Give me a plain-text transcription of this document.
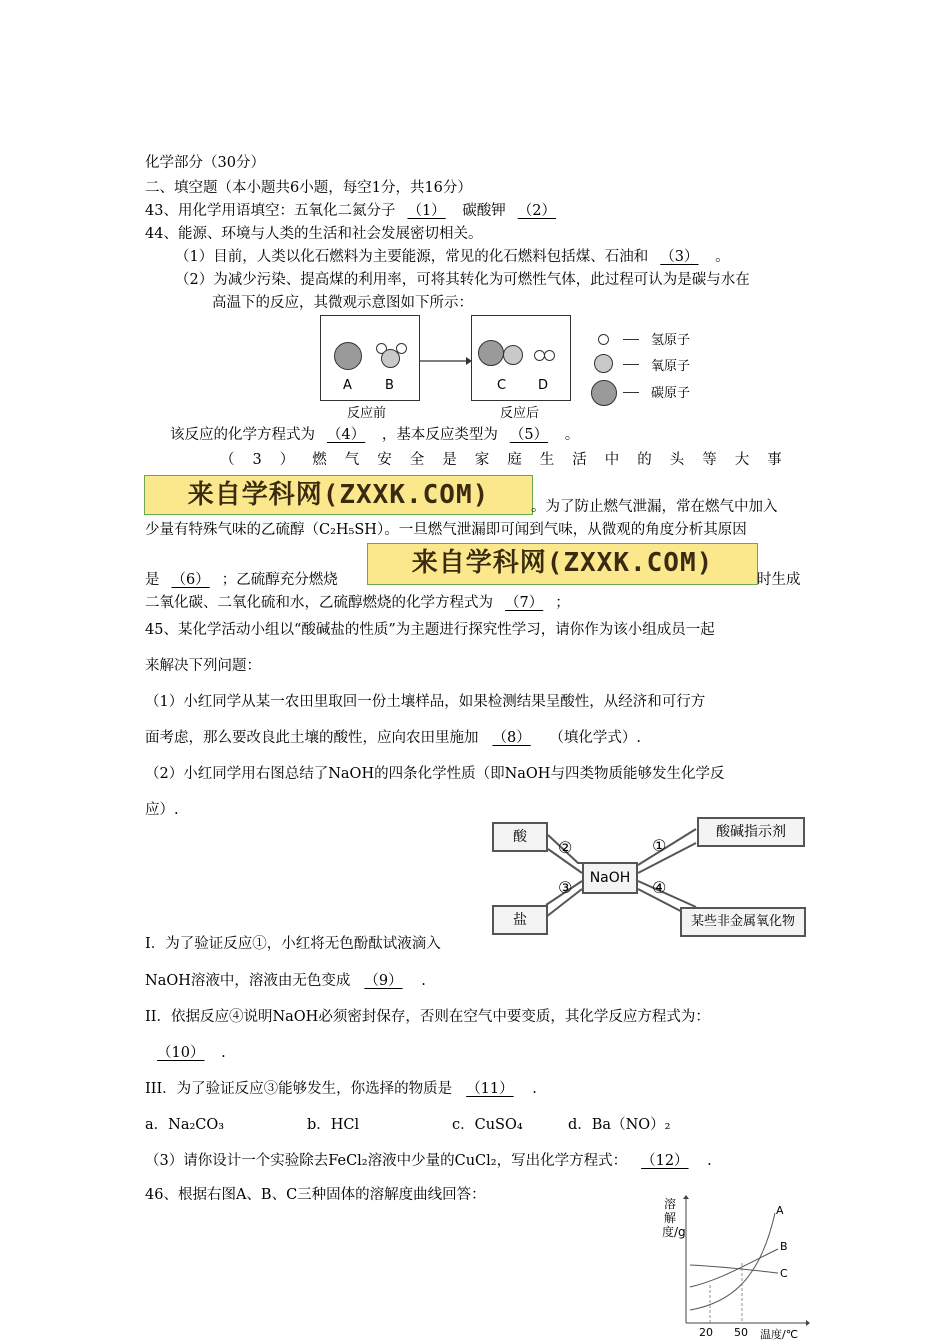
化学部分（30分）
二、填空题（本小题共6小题，每空1分，共16分）
43、用化学用语填空：五氧化二氮分子 （1） 碳酸钾 （2）
44、能源、环境与人类的生活和社会发展密切相关。
（1）目前，人类以化石燃料为主要能源，常见的化石燃料包括煤、石油和 （3） 。
（2）为减少污染、提高煤的利用率，可将其转化为可燃性气体，此过程可认为是碳与水在
高温下的反应，其微观示意图如下所示：
A	B
反应前
C D
反应后
氢原子
氧原子
碳原子
该反应的化学方程式为 （4） ，基本反应类型为 （5） 。
（3）燃气安全是家庭生活中的头等大事
来自学科网(ZXXK.COM)	。为了防止燃气泄漏，常在燃气中加入
少量有特殊气味的乙硫醇（C₂H₅SH）。一旦燃气泄漏即可闻到气味，从微观的角度分析其原因
是 （6） ；乙硫醇充分燃烧
来自学科网(ZXXK.COM)
时生成
二氧化碳、二氧化硫和水，乙硫醇燃烧的化学方程式为 （7） ；
45、某化学活动小组以“酸碱盐的性质”为主题进行探究性学习，请你作为该小组成员一起
来解决下列问题：
（1）小红同学从某一农田里取回一份土壤样品，如果检测结果呈酸性，从经济和可行方
面考虑，那么要改良此土壤的酸性，应向农田里施加 （8） （填化学式）.
（2）小红同学用右图总结了NaOH的四条化学性质（即NaOH与四类物质能够发生化学反
应）.
酸
盐
NaOH
酸碱指示剂
某些非金属氧化物
②
③
①
④
I．为了验证反应①，小红将无色酚酞试液滴入
NaOH溶液中，溶液由无色变成 （9） .
II．依据反应④说明NaOH必须密封保存，否则在空气中要变质，其化学反应方程式为：
（10） .
III．为了验证反应③能够发生，你选择的物质是 （11） .
a．Na₂CO₃	b．HCl	c．CuSO₄	d．Ba（NO）₂
（3）请你设计一个实验除去FeCl₂溶液中少量的CuCl₂，写出化学方程式： （12） .
46、根据右图A、B、C三种固体的溶解度曲线回答：
溶解度/g
A
B
C
20 50 温度/℃
